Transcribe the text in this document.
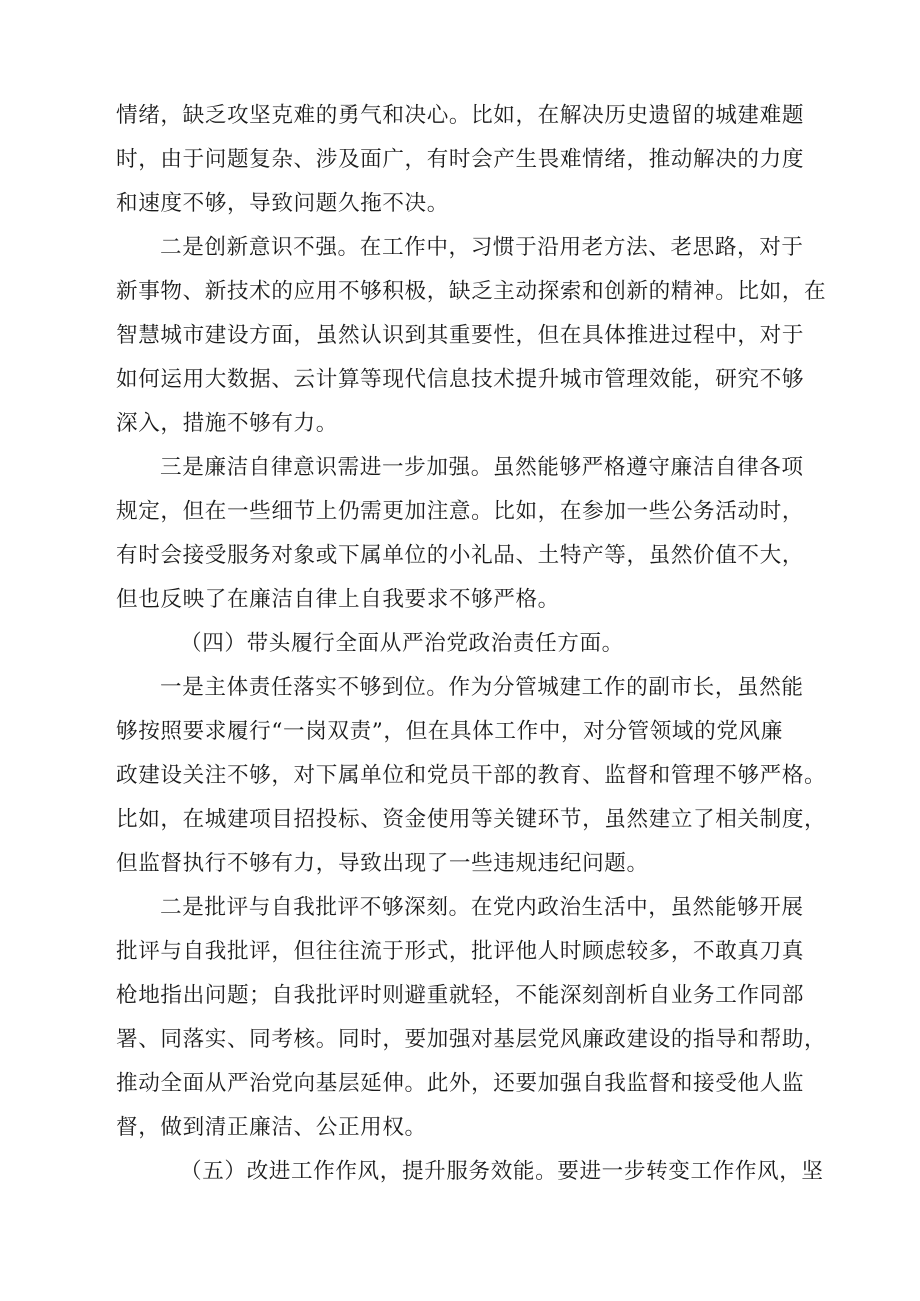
情绪，缺乏攻坚克难的勇气和决心。比如，在解决历史遗留的城建难题

时，由于问题复杂、涉及面广，有时会产生畏难情绪，推动解决的力度

和速度不够，导致问题久拖不决。

二是创新意识不强。在工作中，习惯于沿用老方法、老思路，对于

新事物、新技术的应用不够积极，缺乏主动探索和创新的精神。比如，在

智慧城市建设方面，虽然认识到其重要性，但在具体推进过程中，对于

如何运用大数据、云计算等现代信息技术提升城市管理效能，研究不够

深入，措施不够有力。

三是廉洁自律意识需进一步加强。虽然能够严格遵守廉洁自律各项

规定，但在一些细节上仍需更加注意。比如，在参加一些公务活动时，

有时会接受服务对象或下属单位的小礼品、土特产等，虽然价值不大，

但也反映了在廉洁自律上自我要求不够严格。

（四）带头履行全面从严治党政治责任方面。

一是主体责任落实不够到位。作为分管城建工作的副市长，虽然能

够按照要求履行“一岗双责”，但在具体工作中，对分管领域的党风廉

政建设关注不够，对下属单位和党员干部的教育、监督和管理不够严格。

比如，在城建项目招投标、资金使用等关键环节，虽然建立了相关制度，

但监督执行不够有力，导致出现了一些违规违纪问题。

二是批评与自我批评不够深刻。在党内政治生活中，虽然能够开展

批评与自我批评，但往往流于形式，批评他人时顾虑较多，不敢真刀真

枪地指出问题；自我批评时则避重就轻，不能深刻剖析自业务工作同部

署、同落实、同考核。同时，要加强对基层党风廉政建设的指导和帮助，

推动全面从严治党向基层延伸。此外，还要加强自我监督和接受他人监

督，做到清正廉洁、公正用权。

（五）改进工作作风，提升服务效能。要进一步转变工作作风，坚
